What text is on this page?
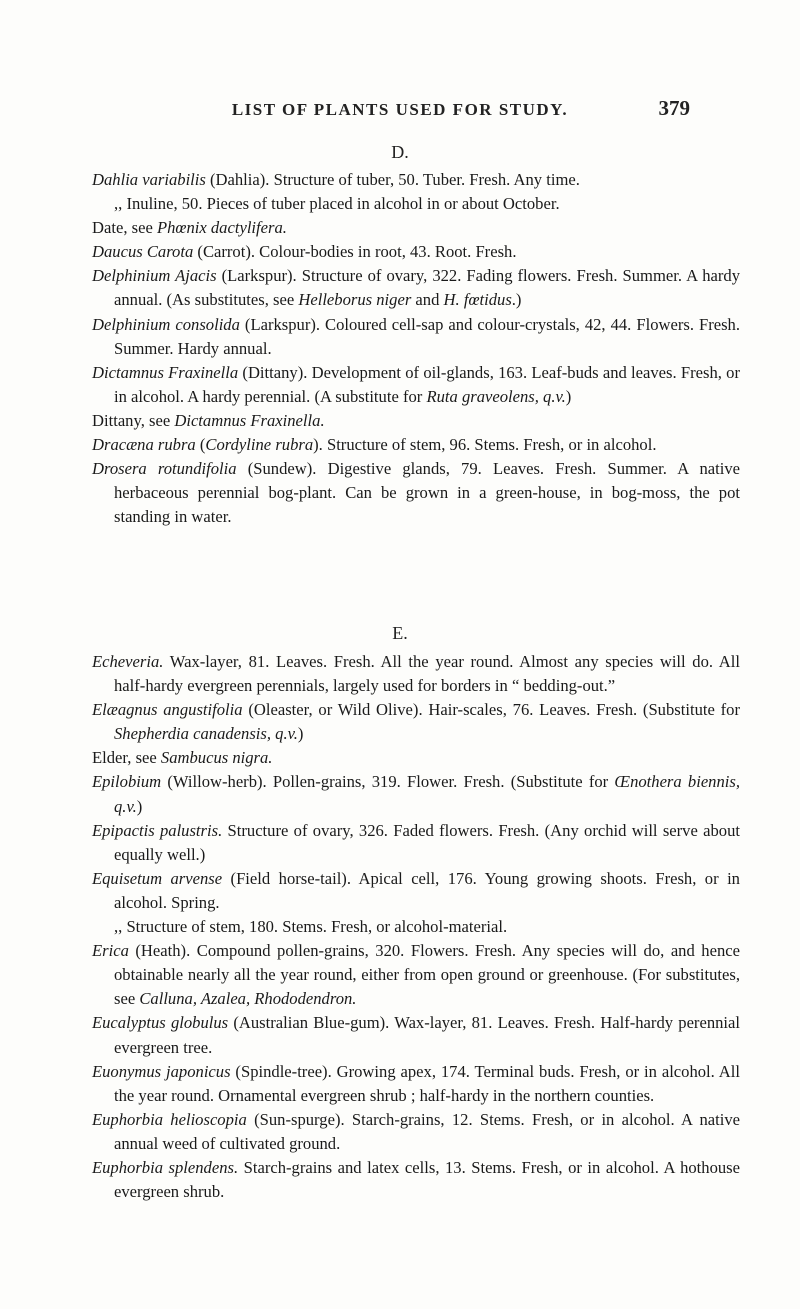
LIST OF PLANTS USED FOR STUDY.	379
D.

Dahlia variabilis (Dahlia). Structure of tuber, 50. Tuber. Fresh. Any time.

,, Inuline, 50. Pieces of tuber placed in alcohol in or about October.

Date, see Phœnix dactylifera.

Daucus Carota (Carrot). Colour-bodies in root, 43. Root. Fresh.

Delphinium Ajacis (Larkspur). Structure of ovary, 322. Fading flowers. Fresh. Summer. A hardy annual. (As substitutes, see Helleborus niger and H. fœtidus.)

Delphinium consolida (Larkspur). Coloured cell-sap and colour-crystals, 42, 44. Flowers. Fresh. Summer. Hardy annual.

Dictamnus Fraxinella (Dittany). Development of oil-glands, 163. Leaf-buds and leaves. Fresh, or in alcohol. A hardy perennial. (A substitute for Ruta graveolens, q.v.)

Dittany, see Dictamnus Fraxinella.

Dracæna rubra (Cordyline rubra). Structure of stem, 96. Stems. Fresh, or in alcohol.

Drosera rotundifolia (Sundew). Digestive glands, 79. Leaves. Fresh. Summer. A native herbaceous perennial bog-plant. Can be grown in a green-house, in bog-moss, the pot standing in water.

E.

Echeveria. Wax-layer, 81. Leaves. Fresh. All the year round. Almost any species will do. All half-hardy evergreen perennials, largely used for borders in “ bedding-out.”

Elæagnus angustifolia (Oleaster, or Wild Olive). Hair-scales, 76. Leaves. Fresh. (Substitute for Shepherdia canadensis, q.v.)

Elder, see Sambucus nigra.

Epilobium (Willow-herb). Pollen-grains, 319. Flower. Fresh. (Substitute for Œnothera biennis, q.v.)

Epipactis palustris. Structure of ovary, 326. Faded flowers. Fresh. (Any orchid will serve about equally well.)

Equisetum arvense (Field horse-tail). Apical cell, 176. Young growing shoots. Fresh, or in alcohol. Spring.

,, Structure of stem, 180. Stems. Fresh, or alcohol-material.

Erica (Heath). Compound pollen-grains, 320. Flowers. Fresh. Any species will do, and hence obtainable nearly all the year round, either from open ground or greenhouse. (For substitutes, see Calluna, Azalea, Rhododendron.

Eucalyptus globulus (Australian Blue-gum). Wax-layer, 81. Leaves. Fresh. Half-hardy perennial evergreen tree.

Euonymus japonicus (Spindle-tree). Growing apex, 174. Terminal buds. Fresh, or in alcohol. All the year round. Ornamental evergreen shrub ; half-hardy in the northern counties.

Euphorbia helioscopia (Sun-spurge). Starch-grains, 12. Stems. Fresh, or in alcohol. A native annual weed of cultivated ground.

Euphorbia splendens. Starch-grains and latex cells, 13. Stems. Fresh, or in alcohol. A hothouse evergreen shrub.
